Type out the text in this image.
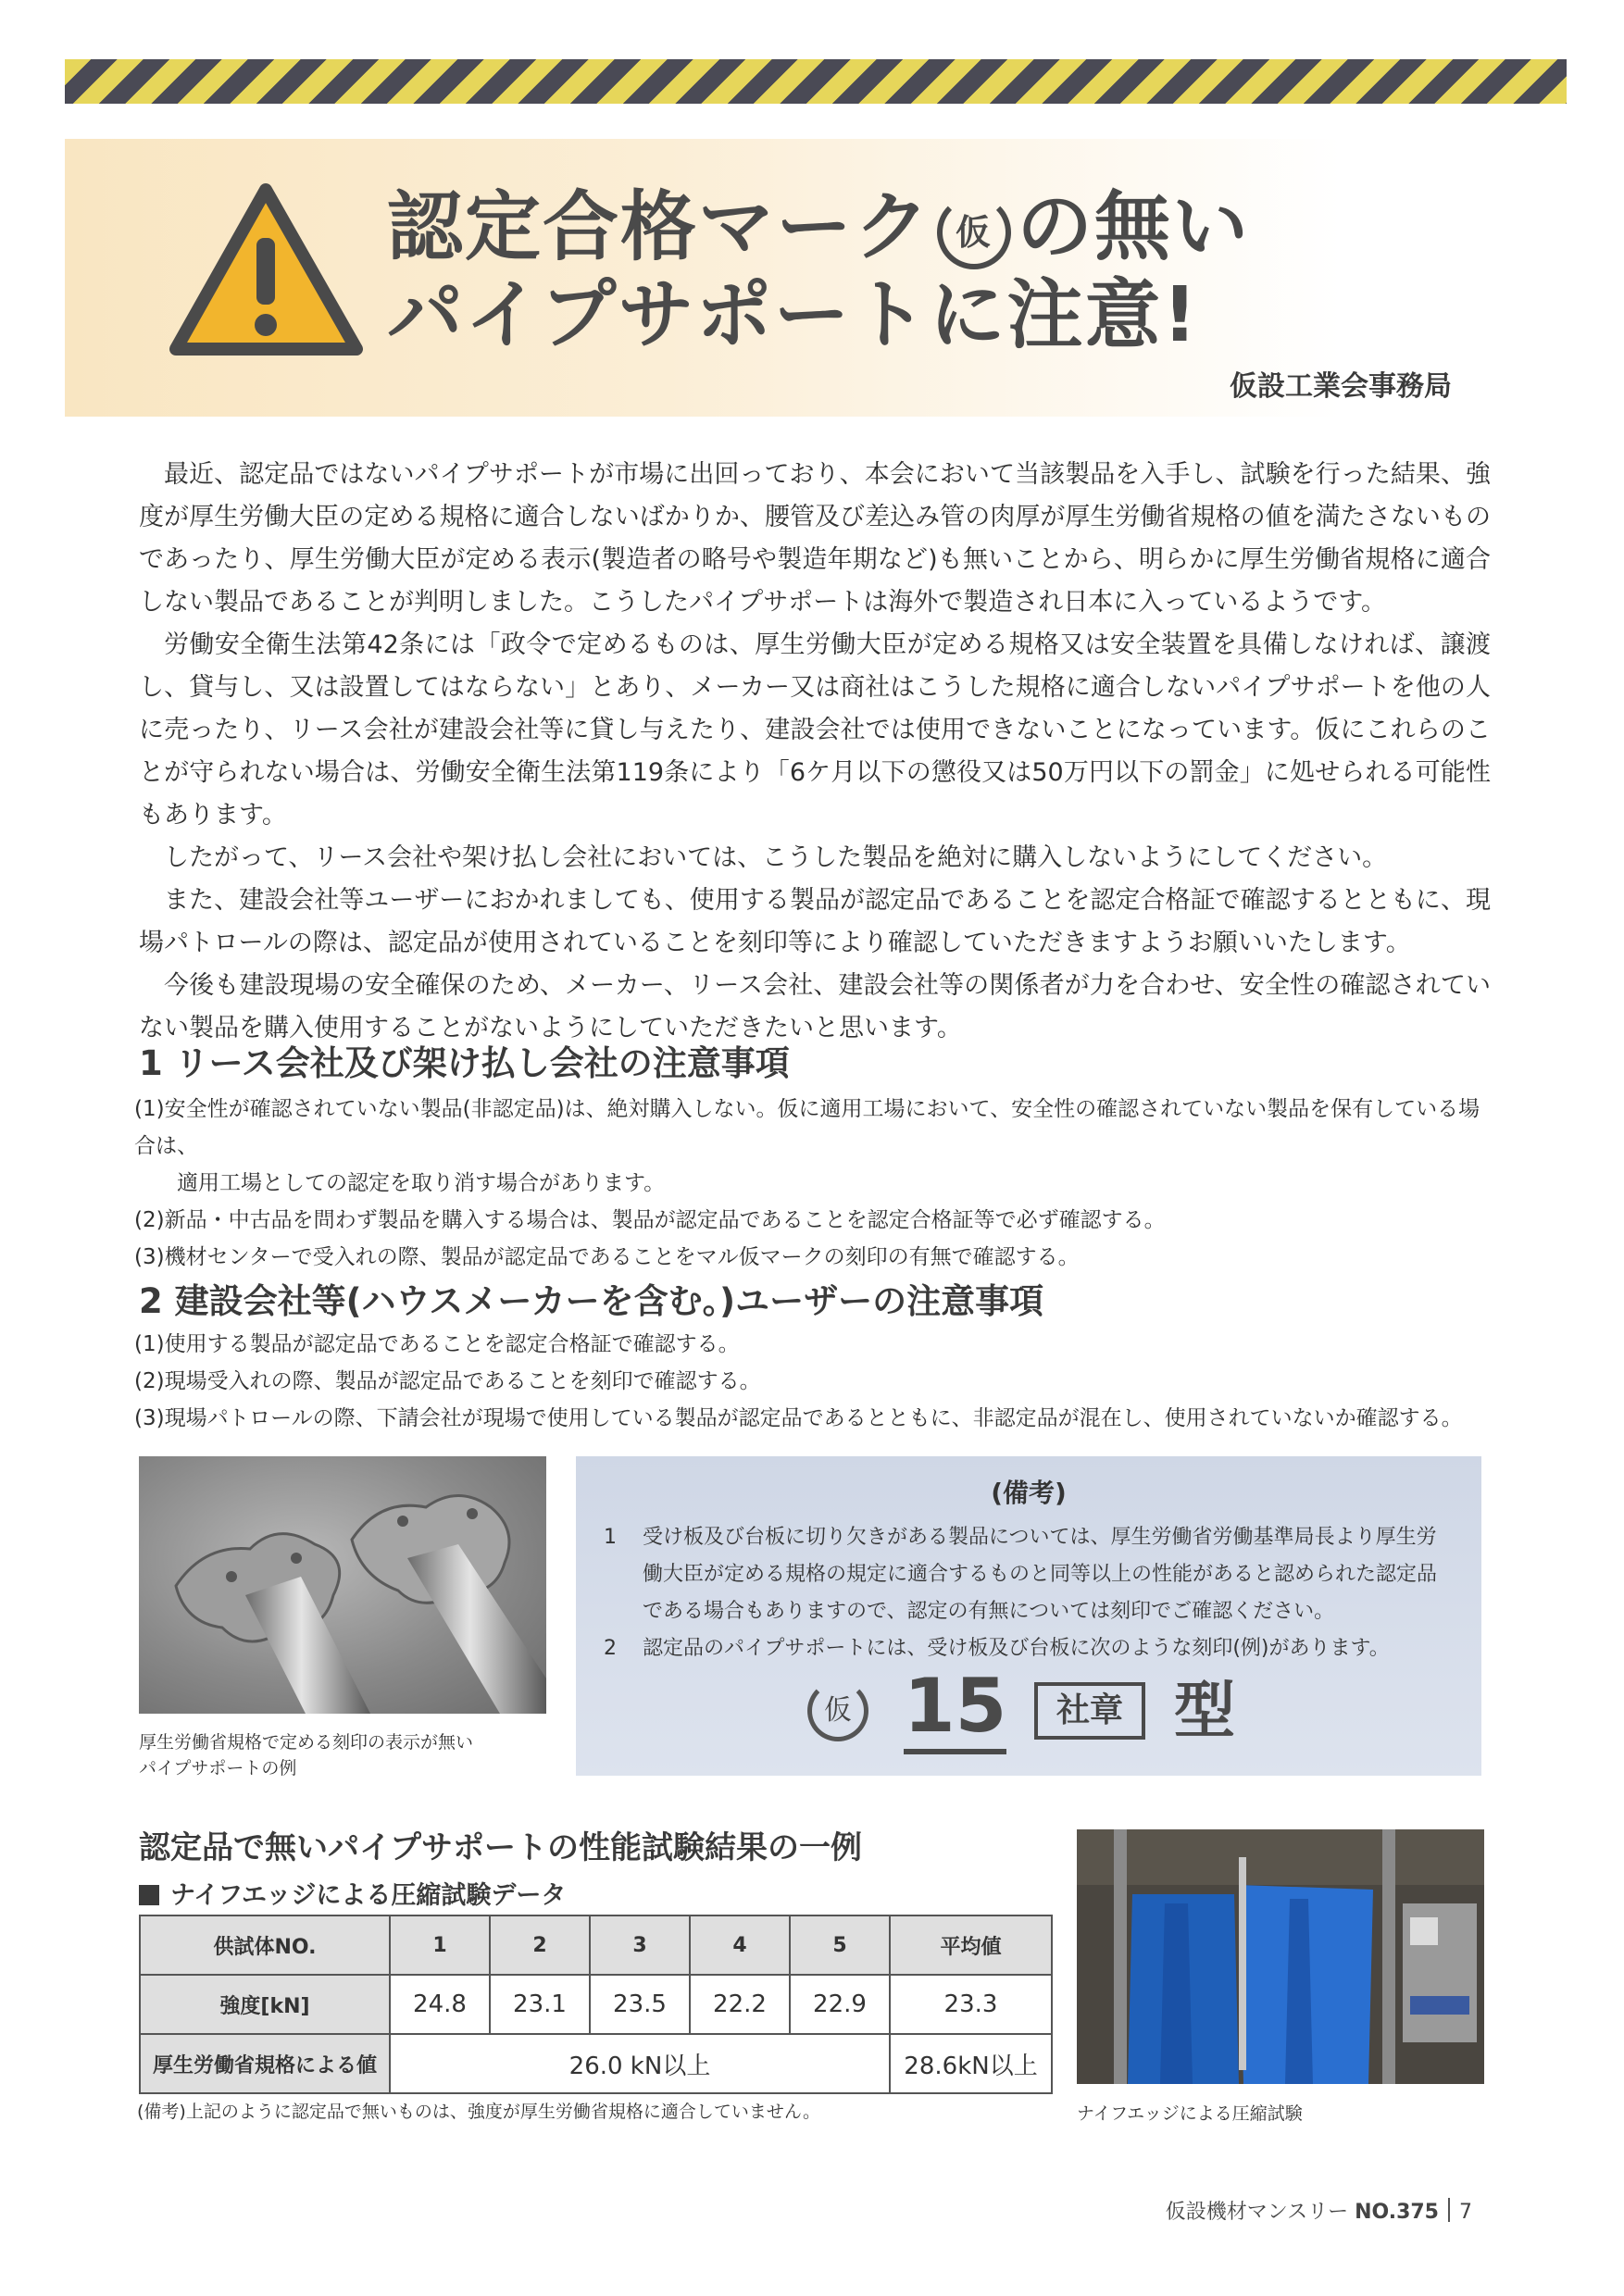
認定合格マーク 仮 の無い
パイプサポートに注意!
仮設工業会事務局

最近、認定品ではないパイプサポートが市場に出回っており、本会において当該製品を入手し、試験を行った結果、強度が厚生労働大臣の定める規格に適合しないばかりか、腰管及び差込み管の肉厚が厚生労働省規格の値を満たさないものであったり、厚生労働大臣が定める表示(製造者の略号や製造年期など)も無いことから、明らかに厚生労働省規格に適合しない製品であることが判明しました。こうしたパイプサポートは海外で製造され日本に入っているようです。

労働安全衛生法第42条には「政令で定めるものは、厚生労働大臣が定める規格又は安全装置を具備しなければ、譲渡し、貸与し、又は設置してはならない」とあり、メーカー又は商社はこうした規格に適合しないパイプサポートを他の人に売ったり、リース会社が建設会社等に貸し与えたり、建設会社では使用できないことになっています。仮にこれらのことが守られない場合は、労働安全衛生法第119条により「6ケ月以下の懲役又は50万円以下の罰金」に処せられる可能性もあります。

したがって、リース会社や架け払し会社においては、こうした製品を絶対に購入しないようにしてください。

また、建設会社等ユーザーにおかれましても、使用する製品が認定品であることを認定合格証で確認するとともに、現場パトロールの際は、認定品が使用されていることを刻印等により確認していただきますようお願いいたします。

今後も建設現場の安全確保のため、メーカー、リース会社、建設会社等の関係者が力を合わせ、安全性の確認されていない製品を購入使用することがないようにしていただきたいと思います。

1 リース会社及び架け払し会社の注意事項
(1)安全性が確認されていない製品(非認定品)は、絶対購入しない。仮に適用工場において、安全性の確認されていない製品を保有している場合は、
適用工場としての認定を取り消す場合があります。
(2)新品・中古品を問わず製品を購入する場合は、製品が認定品であることを認定合格証等で必ず確認する。
(3)機材センターで受入れの際、製品が認定品であることをマル仮マークの刻印の有無で確認する。
2 建設会社等(ハウスメーカーを含む。)ユーザーの注意事項
(1)使用する製品が認定品であることを認定合格証で確認する。
(2)現場受入れの際、製品が認定品であることを刻印で確認する。
(3)現場パトロールの際、下請会社が現場で使用している製品が認定品であるとともに、非認定品が混在し、使用されていないか確認する。
厚生労働省規格で定める刻印の表示が無い
パイプサポートの例
(備考)
1 受け板及び台板に切り欠きがある製品については、厚生労働省労働基準局長より厚生労働大臣が定める規格の規定に適合するものと同等以上の性能があると認められた認定品である場合もありますので、認定の有無については刻印でご確認ください。
2 認定品のパイプサポートには、受け板及び台板に次のような刻印(例)があります。
仮 15	社章 型
認定品で無いパイプサポートの性能試験結果の一例
ナイフエッジによる圧縮試験データ
供試体NO.	1	2	3	4	5	平均値
強度[kN]	24.8	23.1	23.5	22.2	22.9	23.3
厚生労働省規格による値	26.0 kN以上					28.6kN以上
(備考)上記のように認定品で無いものは、強度が厚生労働省規格に適合していません。	ナイフエッジによる圧縮試験
仮設機材マンスリー NO.375 7
